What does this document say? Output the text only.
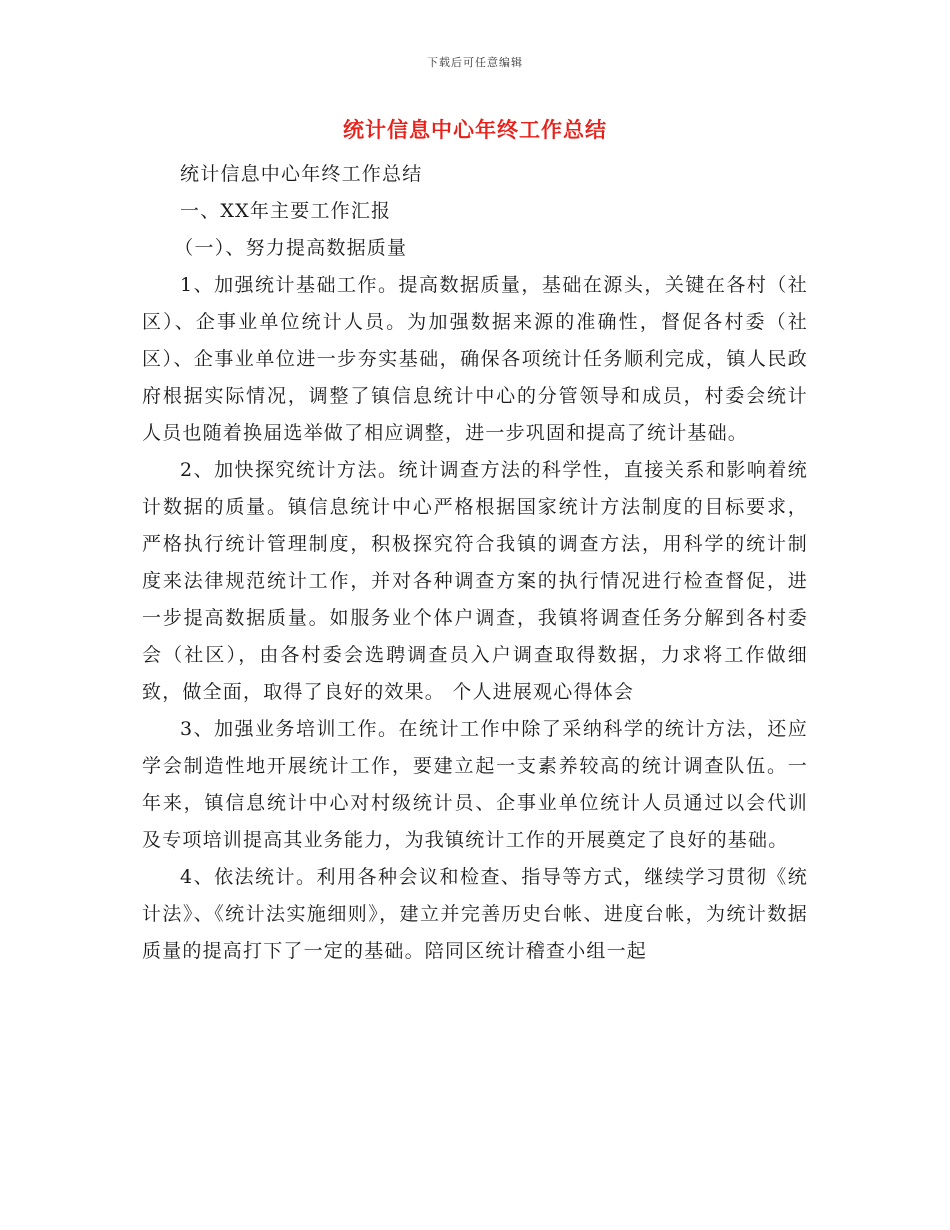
下载后可任意编辑
统计信息中心年终工作总结

统计信息中心年终工作总结

一、XX年主要工作汇报

（一）、努力提高数据质量

1、加强统计基础工作。提高数据质量，基础在源头，关键在各村（社区）、企事业单位统计人员。为加强数据来源的准确性，督促各村委（社区）、企事业单位进一步夯实基础，确保各项统计任务顺利完成，镇人民政府根据实际情况，调整了镇信息统计中心的分管领导和成员，村委会统计人员也随着换届选举做了相应调整，进一步巩固和提高了统计基础。

2、加快探究统计方法。统计调查方法的科学性，直接关系和影响着统计数据的质量。镇信息统计中心严格根据国家统计方法制度的目标要求，严格执行统计管理制度，积极探究符合我镇的调查方法，用科学的统计制度来法律规范统计工作，并对各种调查方案的执行情况进行检查督促，进一步提高数据质量。如服务业个体户调查，我镇将调查任务分解到各村委会（社区），由各村委会选聘调查员入户调查取得数据，力求将工作做细致，做全面，取得了良好的效果。 个人进展观心得体会

3、加强业务培训工作。在统计工作中除了采纳科学的统计方法，还应学会制造性地开展统计工作，要建立起一支素养较高的统计调查队伍。一年来，镇信息统计中心对村级统计员、企事业单位统计人员通过以会代训及专项培训提高其业务能力，为我镇统计工作的开展奠定了良好的基础。

4、依法统计。利用各种会议和检查、指导等方式，继续学习贯彻《统计法》、《统计法实施细则》，建立并完善历史台帐、进度台帐，为统计数据质量的提高打下了一定的基础。陪同区统计稽查小组一起
